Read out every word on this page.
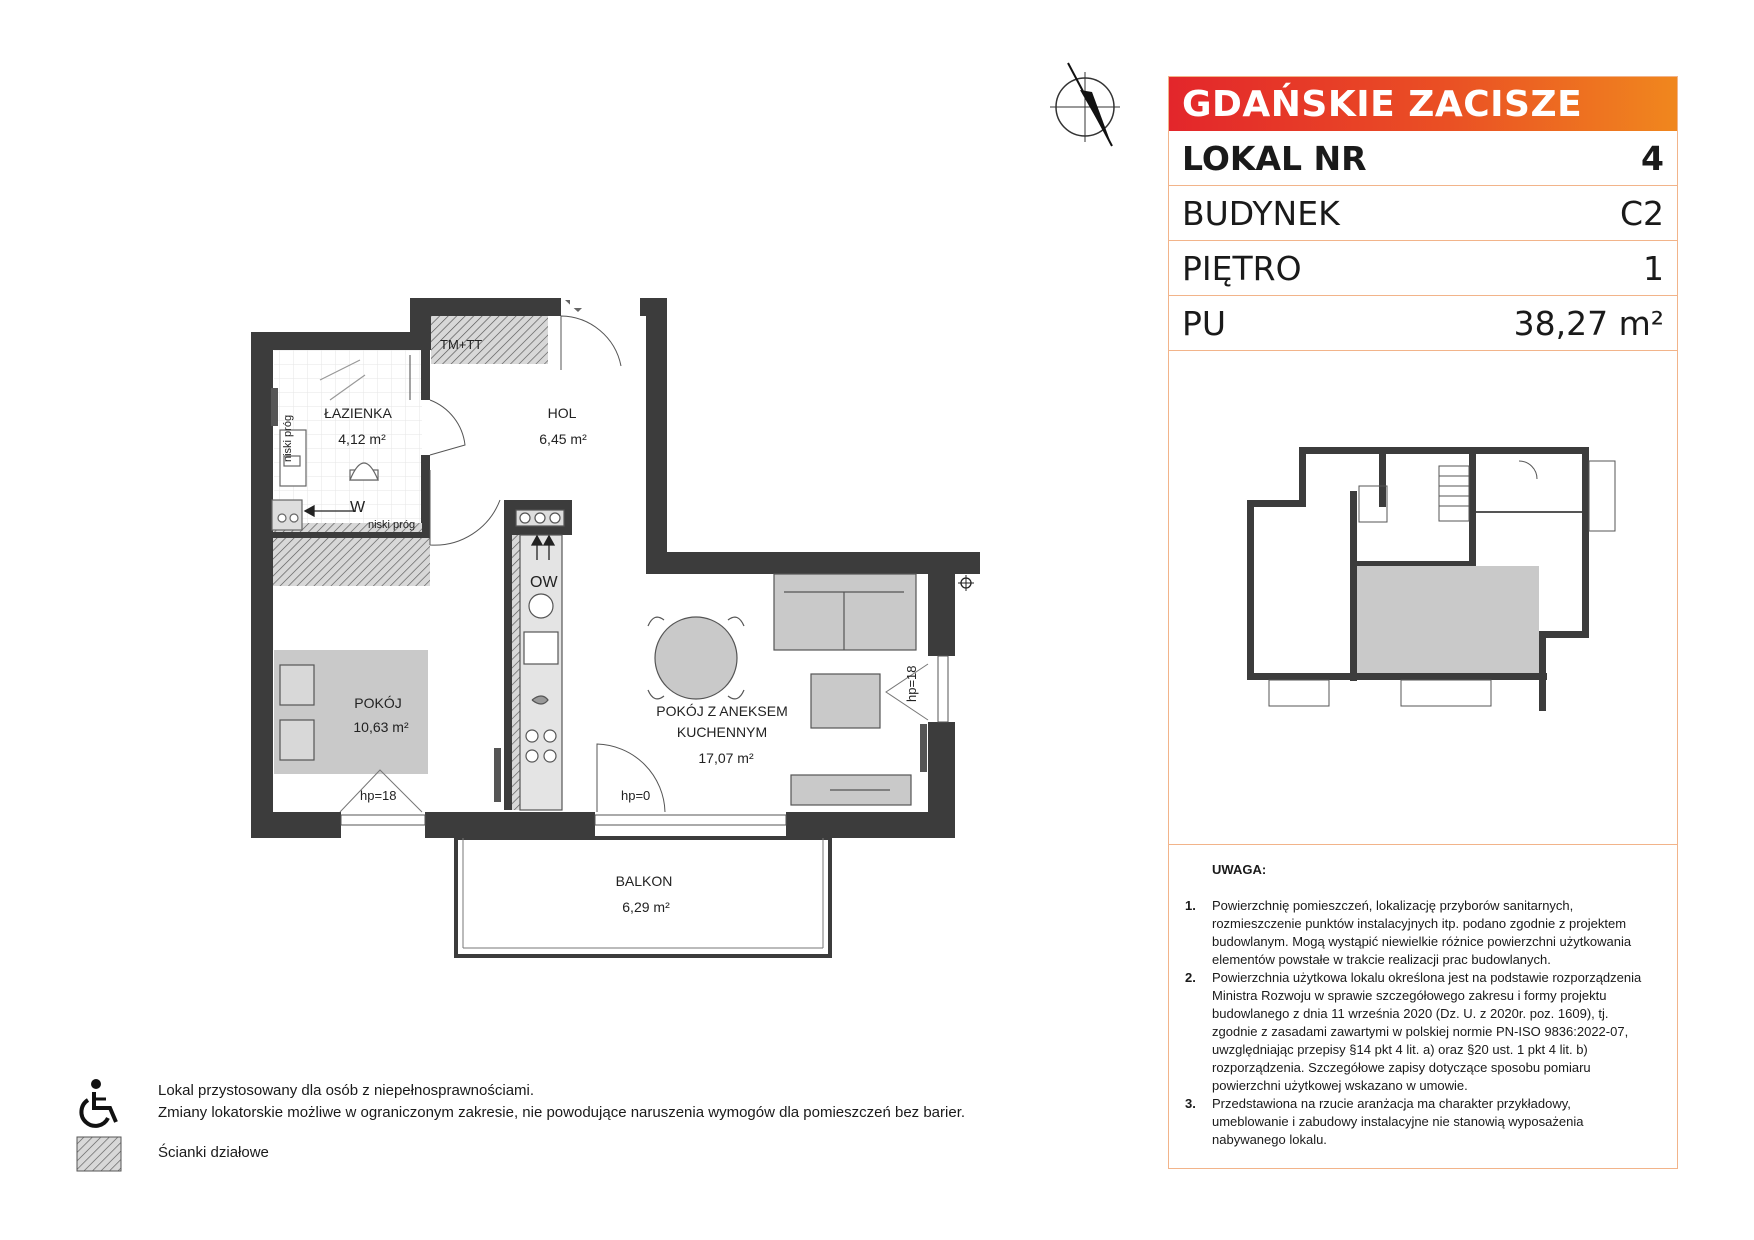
ŁAZIENKA
4,12 m²
HOL
6,45 m²
POKÓJ
10,63 m²
POKÓJ Z ANEKSEM
KUCHENNYM
17,07 m²
BALKON
6,29 m²
TM+TT
niski próg
niski próg
W
OW
hp=18
hp=18
hp=0
GDAŃSKIE ZACISZE
LOKAL NR	4
BUDYNEK	C2
PIĘTRO	1
PU	38,27 m²
UWAGA:
1.	Powierzchnię pomieszczeń, lokalizację przyborów sanitarnych, rozmieszczenie punktów instalacyjnych itp. podano zgodnie z projektem budowlanym. Mogą wystąpić niewielkie różnice powierzchni użytkowania elementów powstałe w trakcie realizacji prac budowlanych.
2.	Powierzchnia użytkowa lokalu określona jest na podstawie rozporządzenia Ministra Rozwoju w sprawie szczegółowego zakresu i formy projektu budowlanego z dnia 11 września 2020 (Dz. U. z 2020r. poz. 1609), tj. zgodnie z zasadami zawartymi w polskiej normie PN-ISO 9836:2022-07, uwzględniając przepisy §14 pkt 4 lit. a) oraz §20 ust. 1 pkt 4 lit. b) rozporządzenia. Szczegółowe zapisy dotyczące sposobu pomiaru powierzchni użytkowej wskazano w umowie.
3.	Przedstawiona na rzucie aranżacja ma charakter przykładowy, umeblowanie i zabudowy instalacyjne nie stanowią wyposażenia nabywanego lokalu.
Lokal przystosowany dla osób z niepełnosprawnościami.
Zmiany lokatorskie możliwe w ograniczonym zakresie, nie powodujące naruszenia wymogów dla pomieszczeń bez barier.
Ścianki działowe
